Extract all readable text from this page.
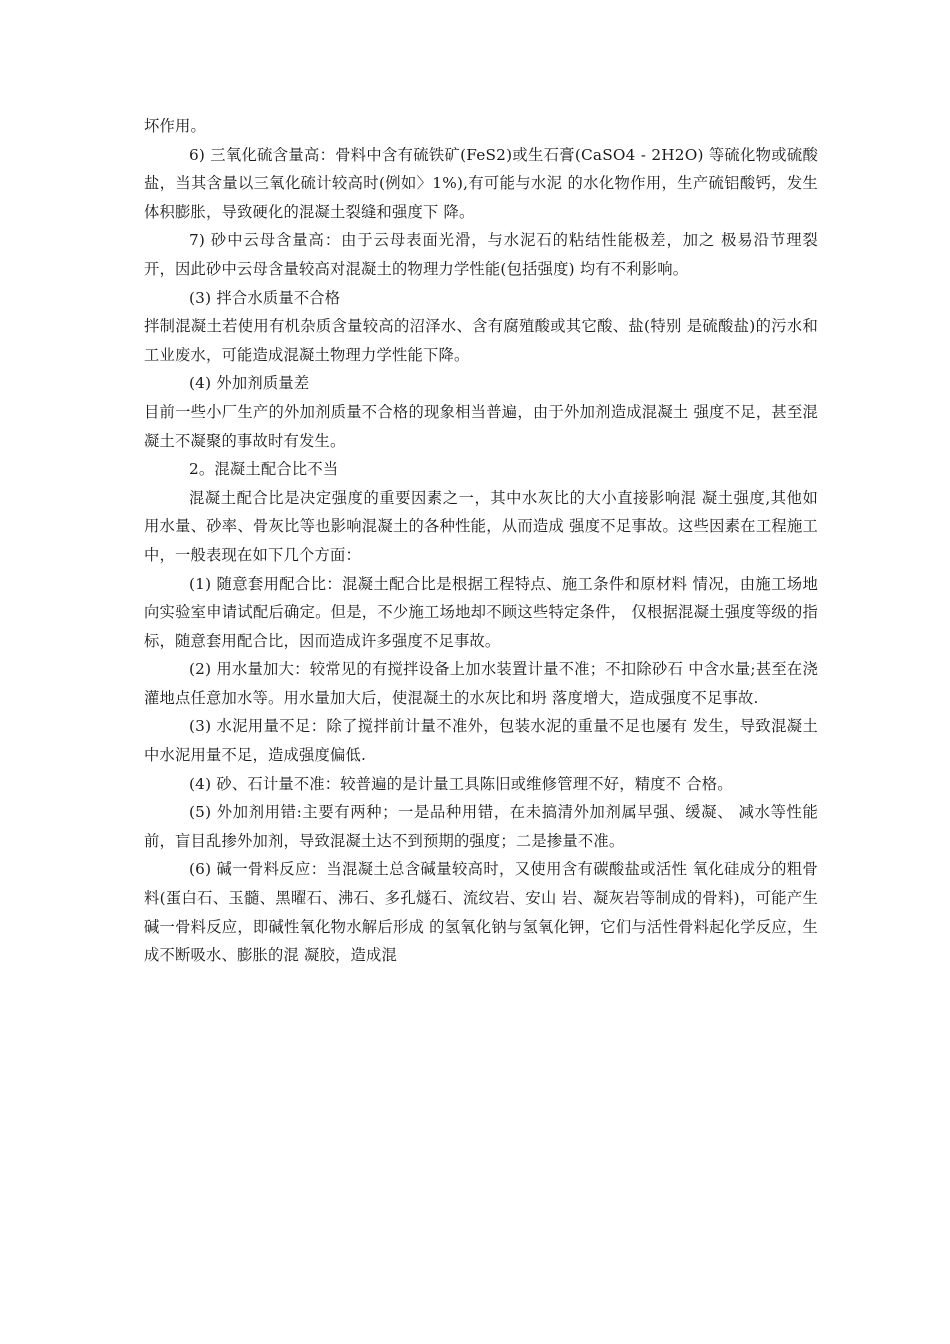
坏作用。

6) 三氧化硫含量高：骨料中含有硫铁矿(FeS2)或生石膏(CaSO4 - 2H2O) 等硫化物或硫酸盐，当其含量以三氧化硫计较高时(例如〉1%),有可能与水泥 的水化物作用，生产硫铝酸钙，发生体积膨胀，导致硬化的混凝土裂缝和强度下 降。

7) 砂中云母含量高：由于云母表面光滑，与水泥石的粘结性能极差，加之 极易沿节理裂开，因此砂中云母含量较高对混凝土的物理力学性能(包括强度) 均有不利影响。

(3) 拌合水质量不合格

拌制混凝土若使用有机杂质含量较高的沼泽水、含有腐殖酸或其它酸、盐(特别 是硫酸盐)的污水和工业废水，可能造成混凝土物理力学性能下降。

(4) 外加剂质量差

目前一些小厂生产的外加剂质量不合格的现象相当普遍，由于外加剂造成混凝土 强度不足，甚至混凝土不凝聚的事故时有发生。

2。混凝土配合比不当

混凝土配合比是决定强度的重要因素之一，其中水灰比的大小直接影响混 凝土强度,其他如用水量、砂率、骨灰比等也影响混凝土的各种性能，从而造成 强度不足事故。这些因素在工程施工中，一般表现在如下几个方面：

(1) 随意套用配合比：混凝土配合比是根据工程特点、施工条件和原材料 情况，由施工场地向实验室申请试配后确定。但是，不少施工场地却不顾这些特定条件， 仅根据混凝土强度等级的指标，随意套用配合比，因而造成许多强度不足事故。

(2) 用水量加大：较常见的有搅拌设备上加水装置计量不准；不扣除砂石 中含水量;甚至在浇灌地点任意加水等。用水量加大后，使混凝土的水灰比和坍 落度增大，造成强度不足事故.

(3) 水泥用量不足：除了搅拌前计量不准外，包装水泥的重量不足也屡有 发生，导致混凝土中水泥用量不足，造成强度偏低.

(4) 砂、石计量不准：较普遍的是计量工具陈旧或维修管理不好，精度不 合格。

(5) 外加剂用错:主要有两种；一是品种用错，在未搞清外加剂属早强、缓凝、 减水等性能前，盲目乱掺外加剂，导致混凝土达不到预期的强度；二是掺量不准。

(6) 碱一骨料反应：当混凝土总含碱量较高时，又使用含有碳酸盐或活性 氧化硅成分的粗骨料(蛋白石、玉髓、黑曜石、沸石、多孔燧石、流纹岩、安山 岩、凝灰岩等制成的骨料)，可能产生碱一骨料反应，即碱性氧化物水解后形成 的氢氧化钠与氢氧化钾，它们与活性骨料起化学反应，生成不断吸水、膨胀的混 凝胶，造成混
